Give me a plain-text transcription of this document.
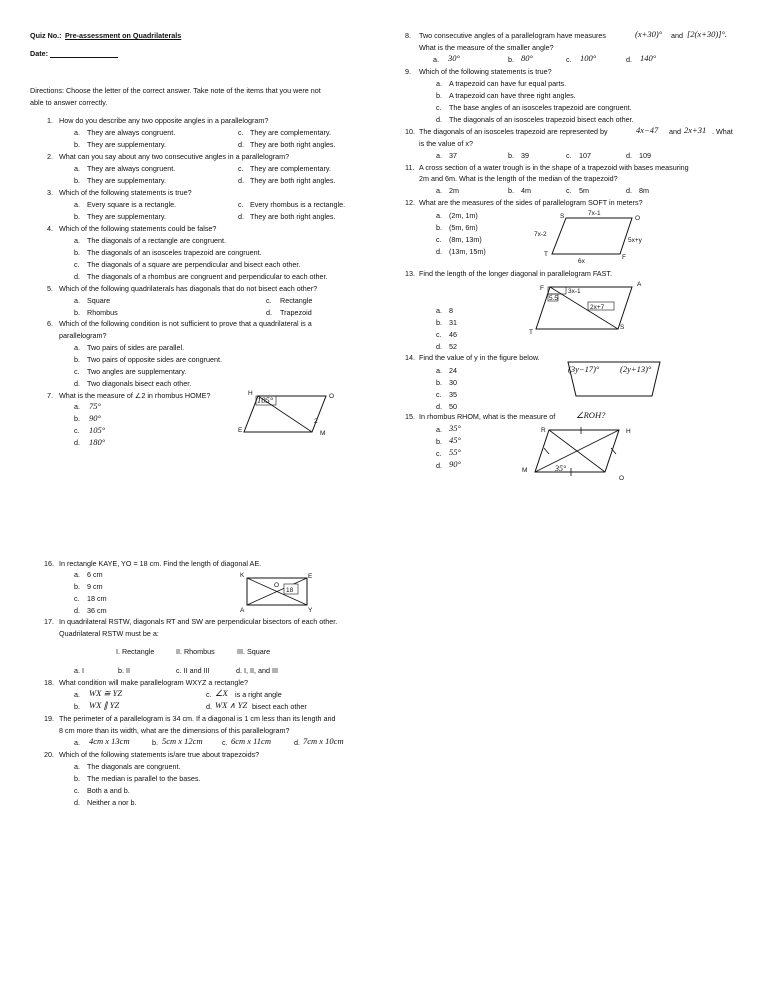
Quiz No.: Pre-assessment on Quadrilaterals
Date:
Directions: Choose the letter of the correct answer. Take note of the items that you were not
able to answer correctly.
1. How do you describe any two opposite angles in a parallelogram?
a. They are always congruent.	c. They are complementary.
b. They are supplementary.	d. They are both right angles.
2. What can you say about any two consecutive angles in a parallelogram?
a. They are always congruent.	c. They are complementary.
b. They are supplementary.	d. They are both right angles.
3. Which of the following statements is true?
a. Every square is a rectangle.	c. Every rhombus is a rectangle.
b. They are supplementary.	d. They are both right angles.
4. Which of the following statements could be false?
a. The diagonals of a rectangle are congruent.
b. The diagonals of an isosceles trapezoid are congruent.
c. The diagonals of a square are perpendicular and bisect each other.
d. The diagonals of a rhombus are congruent and perpendicular to each other.
5. Which of the following quadrilaterals has diagonals that do not bisect each other?
a. Square	c. Rectangle
b. Rhombus	d. Trapezoid
6. Which of the following condition is not sufficient to prove that a quadrilateral is a
parallelogram?
a. Two pairs of sides are parallel.
b. Two pairs of opposite sides are congruent.
c. Two angles are supplementary.
d. Two diagonals bisect each other.
7. What is the measure of ∠2 in rhombus HOME?
a. 75°
b. 90°
c. 105°
d. 180°
H	O
M
E
105°
2
8. Two consecutive angles of a parallelogram have measures	(x+30)° and [2(x+30)]°.
What is the measure of the smaller angle?
a. 30°	b. 80°	c. 100°	d. 140°
9. Which of the following statements is true?
a. A trapezoid can have fur equal parts.
b. A trapezoid can have three right angles.
c. The base angles of an isosceles trapezoid are congruent.
d. The diagonals of an isosceles trapezoid bisect each other.
10. The diagonals of an isosceles trapezoid are represented by	4x−47 and 2x+31 . What
is the value of x?
a. 37	b. 39	c. 107	d. 109
11. A cross section of a water trough is in the shape of a trapezoid with bases measuring
2m and 6m. What is the length of the median of the trapezoid?
a. 2m	b. 4m	c. 5m	d. 8m
12. What are the measures of the sides of parallelogram SOFT in meters?
a. (2m, 1m)
b. (5m, 6m)
c. (8m, 13m)
d. (13m, 15m)
S	O
F
T
7x-1
7x-2
5x+y
6x
13. Find the length of the longer diagonal in parallelogram FAST.
a. 8
b. 31
c. 46
d. 52
F
A
S
T
3x-1
5.5
2x+7
14. Find the value of y in the figure below.
a. 24
b. 30
c. 35
d. 50
(3y−17)° (2y+13)°
15. In rhombus RHOM, what is the measure of ∠ROH?
a. 35°
b. 45°
c. 55°
d. 90°
R	H
O
M	35°
16. In rectangle KAYE, YO = 18 cm. Find the length of diagonal AE.
a. 6 cm
b. 9 cm
c. 18 cm
d. 36 cm
K	E
A	Y
O
18
17. In quadrilateral RSTW, diagonals RT and SW are perpendicular bisectors of each other.
Quadrilateral RSTW must be a:
I. Rectangle	II. Rhombus	III. Square
a. I	b. II	c. II and III	d. I, II, and III
18. What condition will make parallelogram WXYZ a rectangle?
a. WX ≅ YZ	c. ∠X is a right angle
b. WX ∥ YZ	d. WX ∧ YZ bisect each other
19. The perimeter of a parallelogram is 34 cm. If a diagonal is 1 cm less than its length and
8 cm more than its width, what are the dimensions of this parallelogram?
a. 4cm x 13cm	b. 5cm x 12cm	c. 6cm x 11cm	d. 7cm x 10cm
20. Which of the following statements is/are true about trapezoids?
a. The diagonals are congruent.
b. The median is parallel to the bases.
c. Both a and b.
d. Neither a nor b.
